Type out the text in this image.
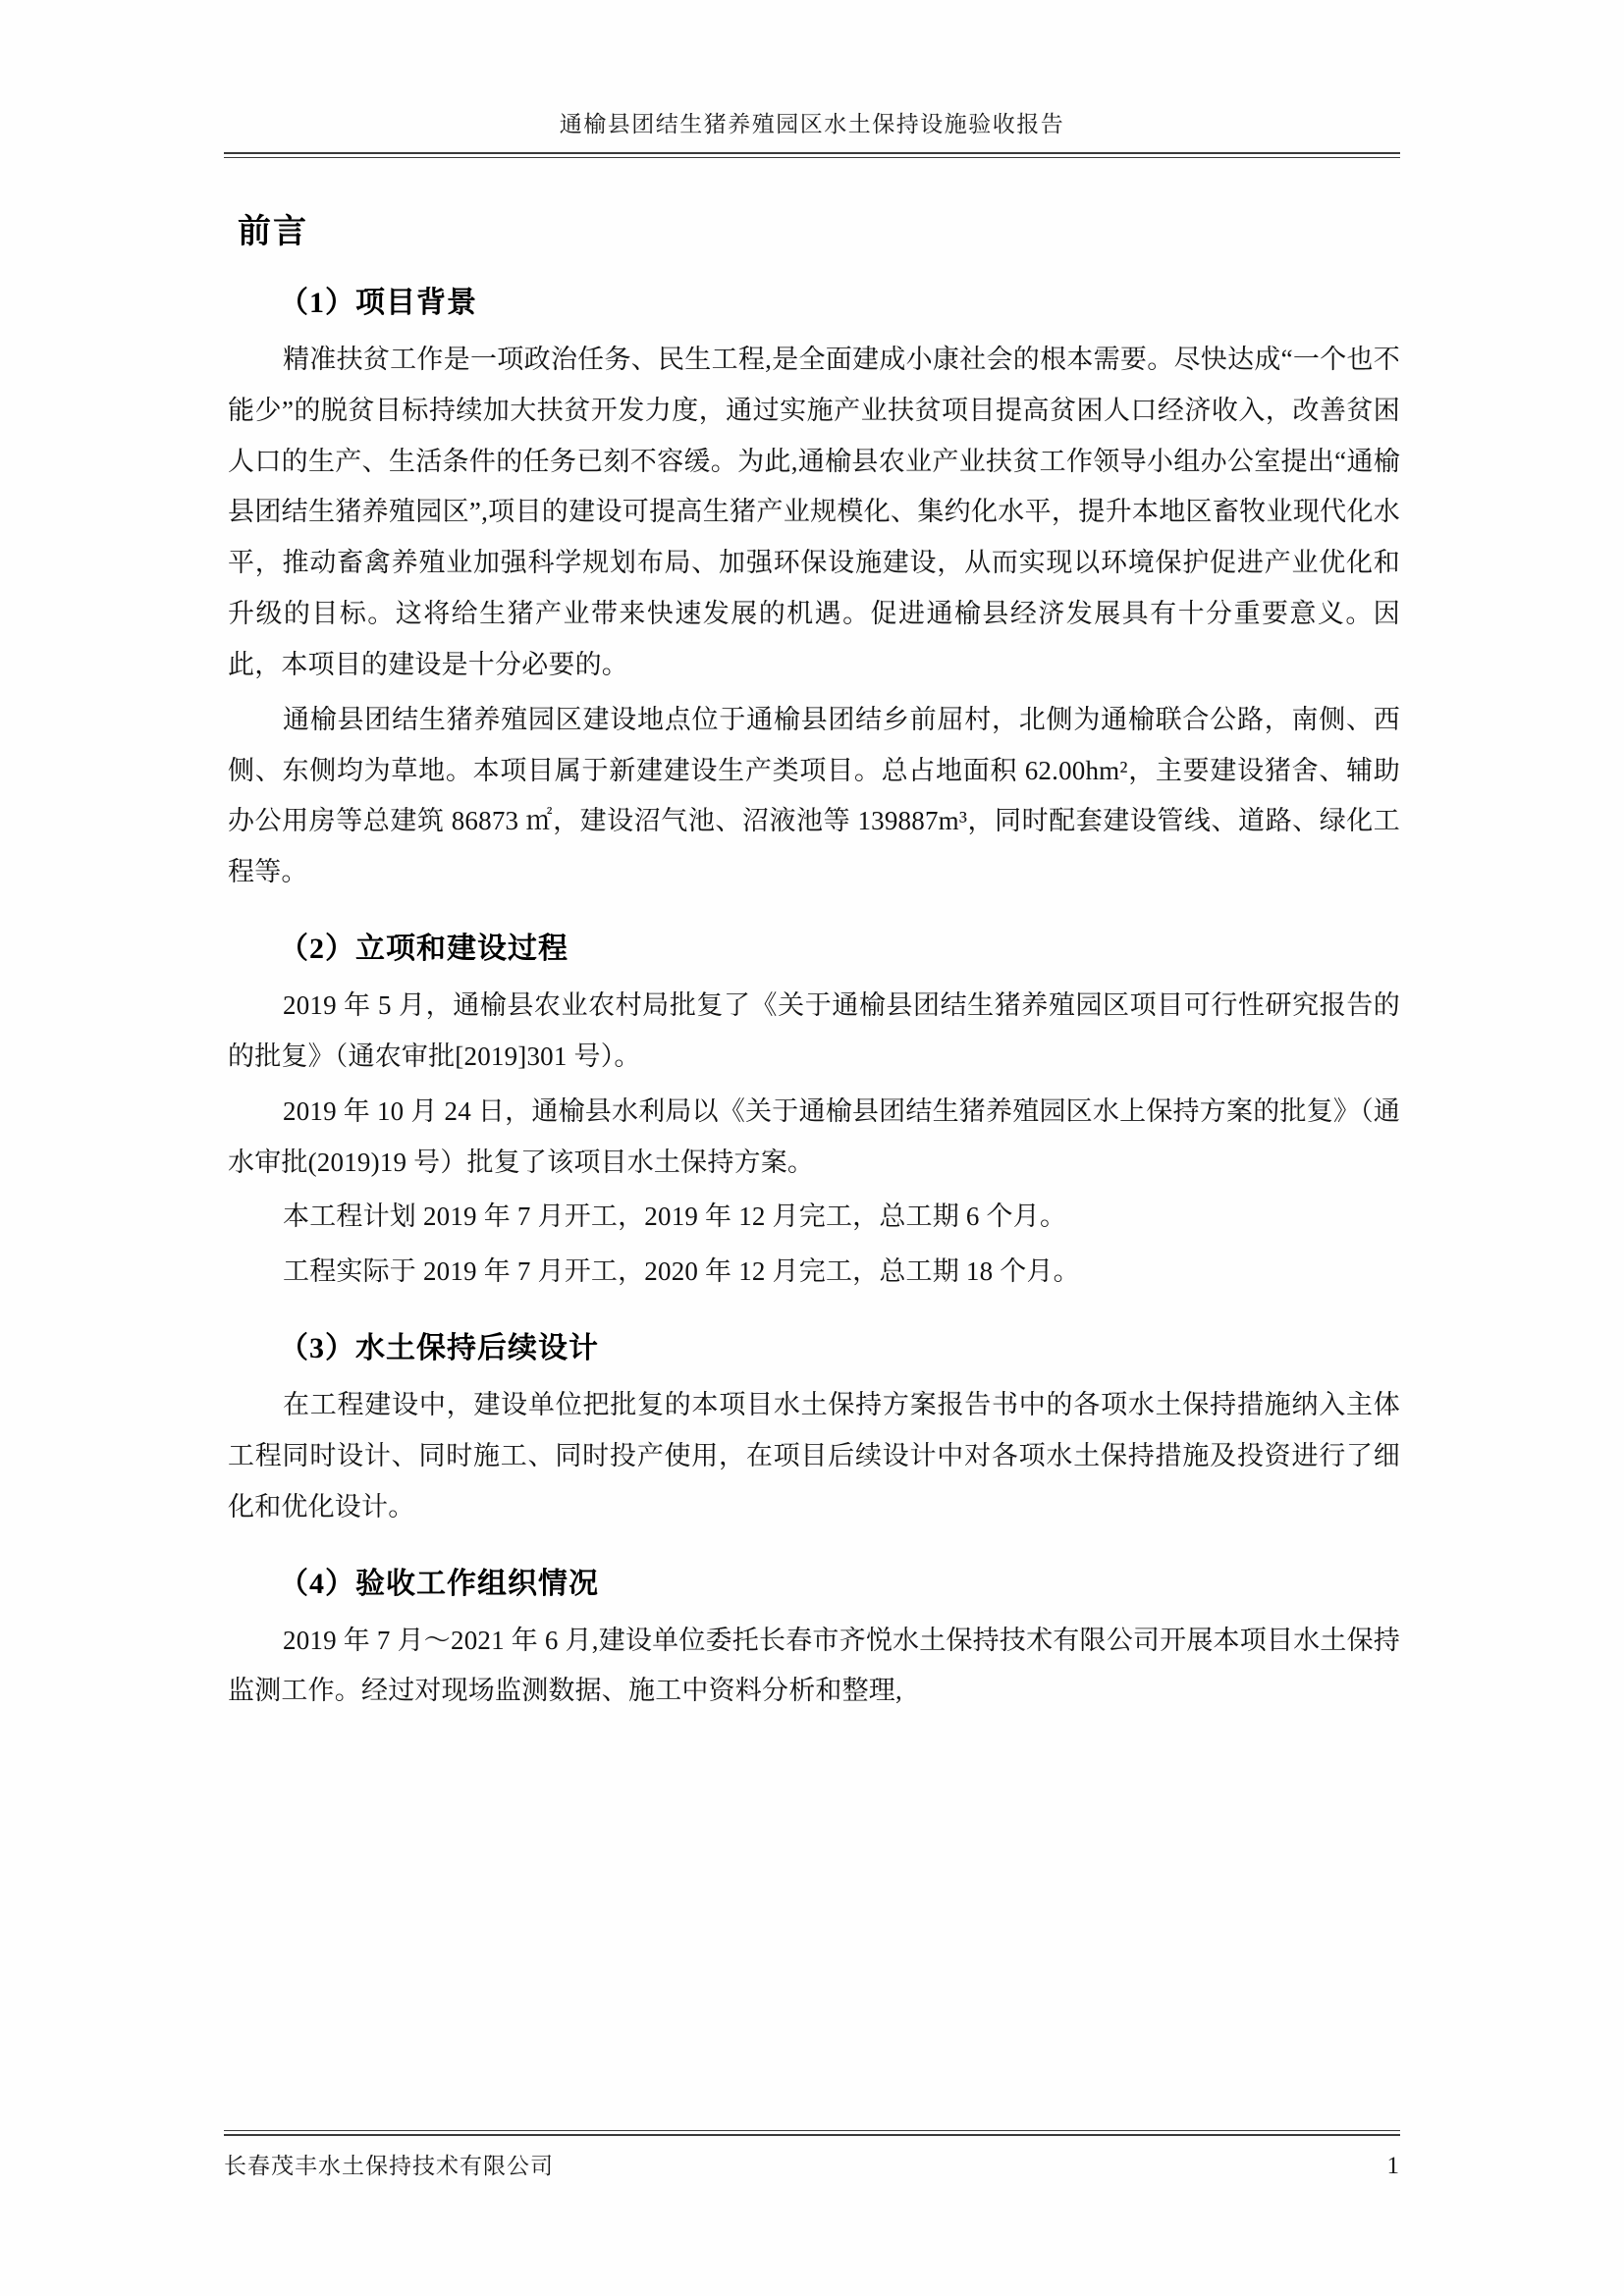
通榆县团结生猪养殖园区水土保持设施验收报告
前言
（1）项目背景

精准扶贫工作是一项政治任务、民生工程,是全面建成小康社会的根本需要。尽快达成“一个也不能少”的脱贫目标持续加大扶贫开发力度，通过实施产业扶贫项目提高贫困人口经济收入，改善贫困人口的生产、生活条件的任务已刻不容缓。为此,通榆县农业产业扶贫工作领导小组办公室提出“通榆县团结生猪养殖园区”,项目的建设可提高生猪产业规模化、集约化水平，提升本地区畜牧业现代化水平，推动畜禽养殖业加强科学规划布局、加强环保设施建设，从而实现以环境保护促进产业优化和升级的目标。这将给生猪产业带来快速发展的机遇。促进通榆县经济发展具有十分重要意义。因此，本项目的建设是十分必要的。

通榆县团结生猪养殖园区建设地点位于通榆县团结乡前屈村，北侧为通榆联合公路，南侧、西侧、东侧均为草地。本项目属于新建建设生产类项目。总占地面积 62.00hm²，主要建设猪舍、辅助办公用房等总建筑 86873 ㎡，建设沼气池、沼液池等 139887m³，同时配套建设管线、道路、绿化工程等。

（2）立项和建设过程

2019 年 5 月，通榆县农业农村局批复了《关于通榆县团结生猪养殖园区项目可行性研究报告的的批复》（通农审批[2019]301 号）。

2019 年 10 月 24 日，通榆县水利局以《关于通榆县团结生猪养殖园区水上保持方案的批复》（通水审批(2019)19 号）批复了该项目水土保持方案。

本工程计划 2019 年 7 月开工，2019 年 12 月完工，总工期 6 个月。

工程实际于 2019 年 7 月开工，2020 年 12 月完工，总工期 18 个月。

（3）水土保持后续设计

在工程建设中，建设单位把批复的本项目水土保持方案报告书中的各项水土保持措施纳入主体工程同时设计、同时施工、同时投产使用，在项目后续设计中对各项水土保持措施及投资进行了细化和优化设计。

（4）验收工作组织情况

2019 年 7 月～2021 年 6 月,建设单位委托长春市齐悦水土保持技术有限公司开展本项目水土保持监测工作。经过对现场监测数据、施工中资料分析和整理,

长春茂丰水土保持技术有限公司	1
